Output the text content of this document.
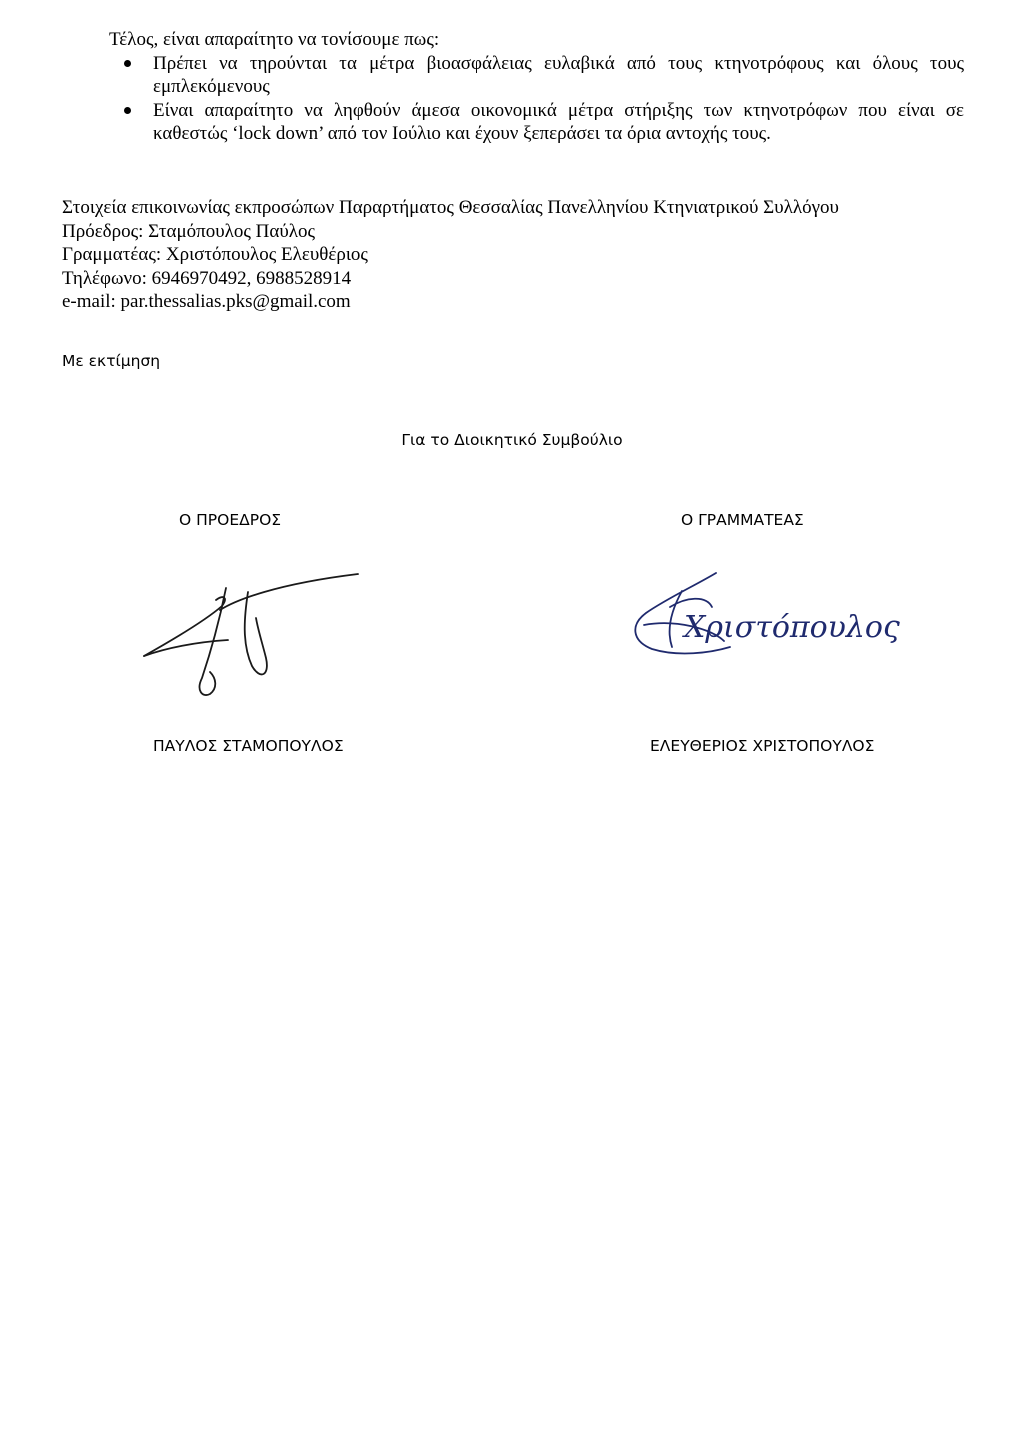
Τέλος, είναι απαραίτητο να τονίσουμε πως:
Πρέπει να τηρούνται τα μέτρα βιοασφάλειας ευλαβικά από τους κτηνοτρόφους και όλους τους εμπλεκόμενους
Είναι απαραίτητο να ληφθούν άμεσα οικονομικά μέτρα στήριξης των κτηνοτρόφων που είναι σε καθεστώς ‘lock down’ από τον Ιούλιο και έχουν ξεπεράσει τα όρια αντοχής τους.
Στοιχεία επικοινωνίας εκπροσώπων Παραρτήματος Θεσσαλίας Πανελληνίου Κτηνιατρικού Συλλόγου
Πρόεδρος: Σταμόπουλος Παύλος
Γραμματέας: Χριστόπουλος Ελευθέριος
Τηλέφωνο: 6946970492, 6988528914
e-mail: par.thessalias.pks@gmail.com
Με εκτίμηση
Για το Διοικητικό Συμβούλιο
Ο ΠΡΟΕΔΡΟΣ	Ο ΓΡΑΜΜΑΤΕΑΣ
Χριστόπουλος
ΠΑΥΛΟΣ ΣΤΑΜΟΠΟΥΛΟΣ	ΕΛΕΥΘΕΡΙΟΣ ΧΡΙΣΤΟΠΟΥΛΟΣ
